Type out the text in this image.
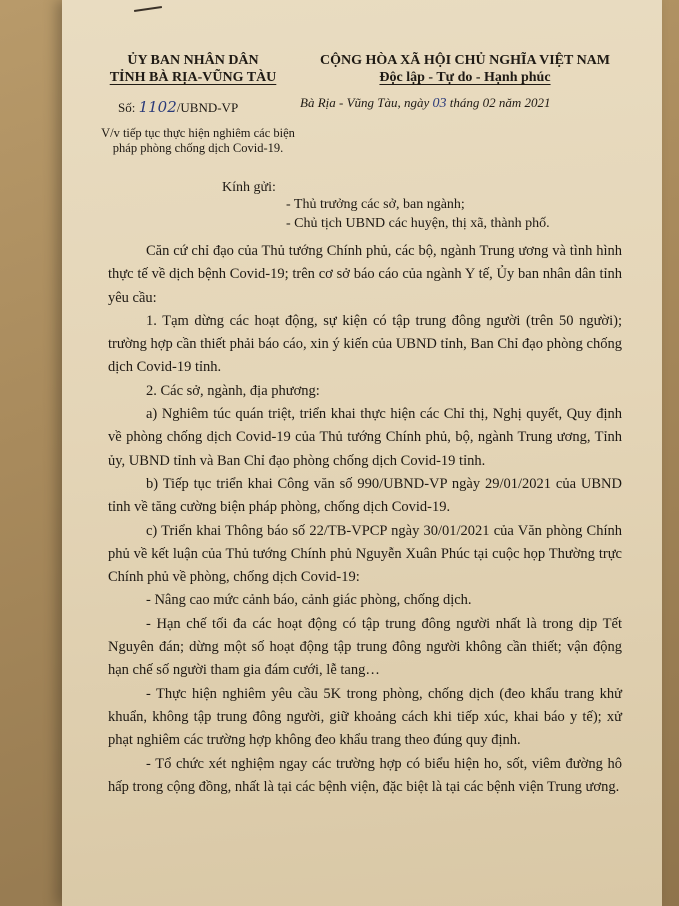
ỦY BAN NHÂN DÂN
TỈNH BÀ RỊA-VŨNG TÀU
CỘNG HÒA XÃ HỘI CHỦ NGHĨA VIỆT NAM
Độc lập - Tự do - Hạnh phúc
Số: 1102/UBND-VP	Bà Rịa - Vũng Tàu, ngày 03 tháng 02 năm 2021
V/v tiếp tục thực hiện nghiêm các biện pháp phòng chống dịch Covid-19.
Kính gửi:
- Thủ trưởng các sở, ban ngành;
- Chủ tịch UBND các huyện, thị xã, thành phố.

Căn cứ chỉ đạo của Thủ tướng Chính phủ, các bộ, ngành Trung ương và tình hình thực tế về dịch bệnh Covid-19; trên cơ sở báo cáo của ngành Y tế, Ủy ban nhân dân tỉnh yêu cầu:

1. Tạm dừng các hoạt động, sự kiện có tập trung đông người (trên 50 người); trường hợp cần thiết phải báo cáo, xin ý kiến của UBND tỉnh, Ban Chỉ đạo phòng chống dịch Covid-19 tỉnh.

2. Các sở, ngành, địa phương:

a) Nghiêm túc quán triệt, triển khai thực hiện các Chỉ thị, Nghị quyết, Quy định về phòng chống dịch Covid-19 của Thủ tướng Chính phủ, bộ, ngành Trung ương, Tỉnh ủy, UBND tỉnh và Ban Chỉ đạo phòng chống dịch Covid-19 tỉnh.

b) Tiếp tục triển khai Công văn số 990/UBND-VP ngày 29/01/2021 của UBND tỉnh về tăng cường biện pháp phòng, chống dịch Covid-19.

c) Triển khai Thông báo số 22/TB-VPCP ngày 30/01/2021 của Văn phòng Chính phủ về kết luận của Thủ tướng Chính phủ Nguyễn Xuân Phúc tại cuộc họp Thường trực Chính phủ về phòng, chống dịch Covid-19:

- Nâng cao mức cảnh báo, cảnh giác phòng, chống dịch.

- Hạn chế tối đa các hoạt động có tập trung đông người nhất là trong dịp Tết Nguyên đán; dừng một số hoạt động tập trung đông người không cần thiết; vận động hạn chế số người tham gia đám cưới, lễ tang…

- Thực hiện nghiêm yêu cầu 5K trong phòng, chống dịch (đeo khẩu trang khử khuẩn, không tập trung đông người, giữ khoảng cách khi tiếp xúc, khai báo y tế); xử phạt nghiêm các trường hợp không đeo khẩu trang theo đúng quy định.

- Tổ chức xét nghiệm ngay các trường hợp có biểu hiện ho, sốt, viêm đường hô hấp trong cộng đồng, nhất là tại các bệnh viện, đặc biệt là tại các bệnh viện Trung ương.
